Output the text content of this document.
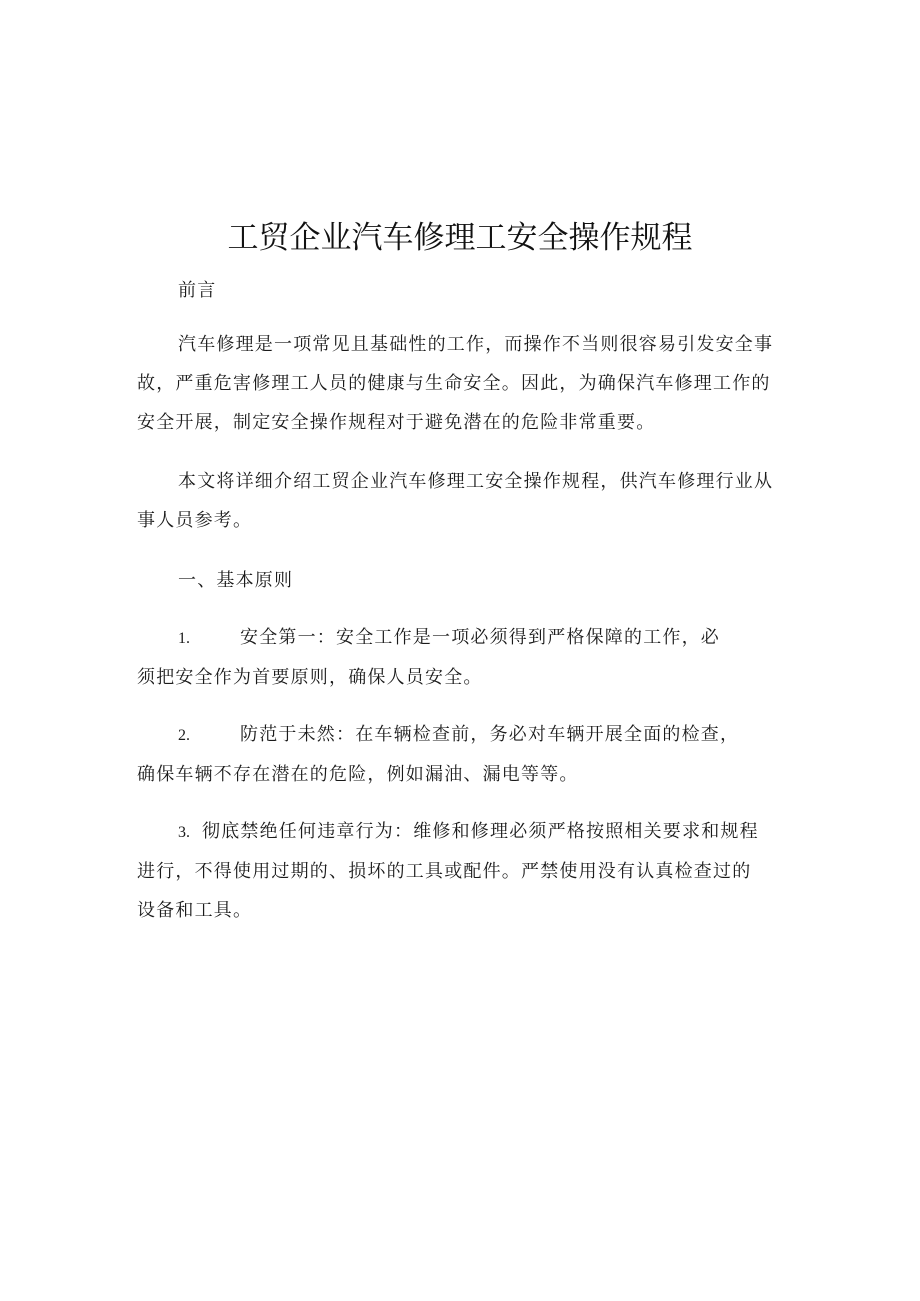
工贸企业汽车修理工安全操作规程
前言
汽车修理是一项常见且基础性的工作，而操作不当则很容易引发安全事
故，严重危害修理工人员的健康与生命安全。因此，为确保汽车修理工作的
安全开展，制定安全操作规程对于避免潜在的危险非常重要。
本文将详细介绍工贸企业汽车修理工安全操作规程，供汽车修理行业从
事人员参考。
一、基本原则
1.	安全第一：安全工作是一项必须得到严格保障的工作，必
须把安全作为首要原则，确保人员安全。
2.	防范于未然：在车辆检查前，务必对车辆开展全面的检查，
确保车辆不存在潜在的危险，例如漏油、漏电等等。
3. 彻底禁绝任何违章行为：维修和修理必须严格按照相关要求和规程
进行，不得使用过期的、损坏的工具或配件。严禁使用没有认真检查过的
设备和工具。
